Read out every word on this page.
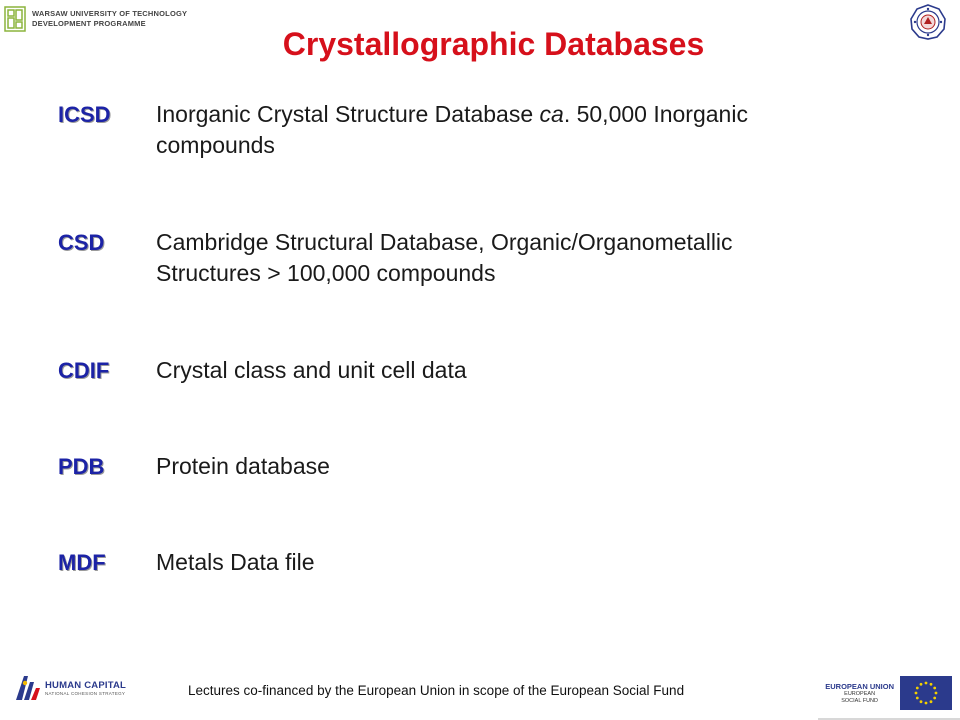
WARSAW UNIVERSITY OF TECHNOLOGY
DEVELOPMENT PROGRAMME
Crystallographic Databases
ICSD	Inorganic Crystal Structure Database ca. 50,000 Inorganic
compounds
CSD	Cambridge Structural Database, Organic/Organometallic
Structures > 100,000 compounds
CDIF	Crystal class and unit cell data
PDB	Protein database
MDF	Metals Data file
HUMAN CAPITAL
NATIONAL COHESION STRATEGY	Lectures co-financed by the European Union in scope of the European Social Fund	EUROPEAN UNION
EUROPEAN
SOCIAL FUND
